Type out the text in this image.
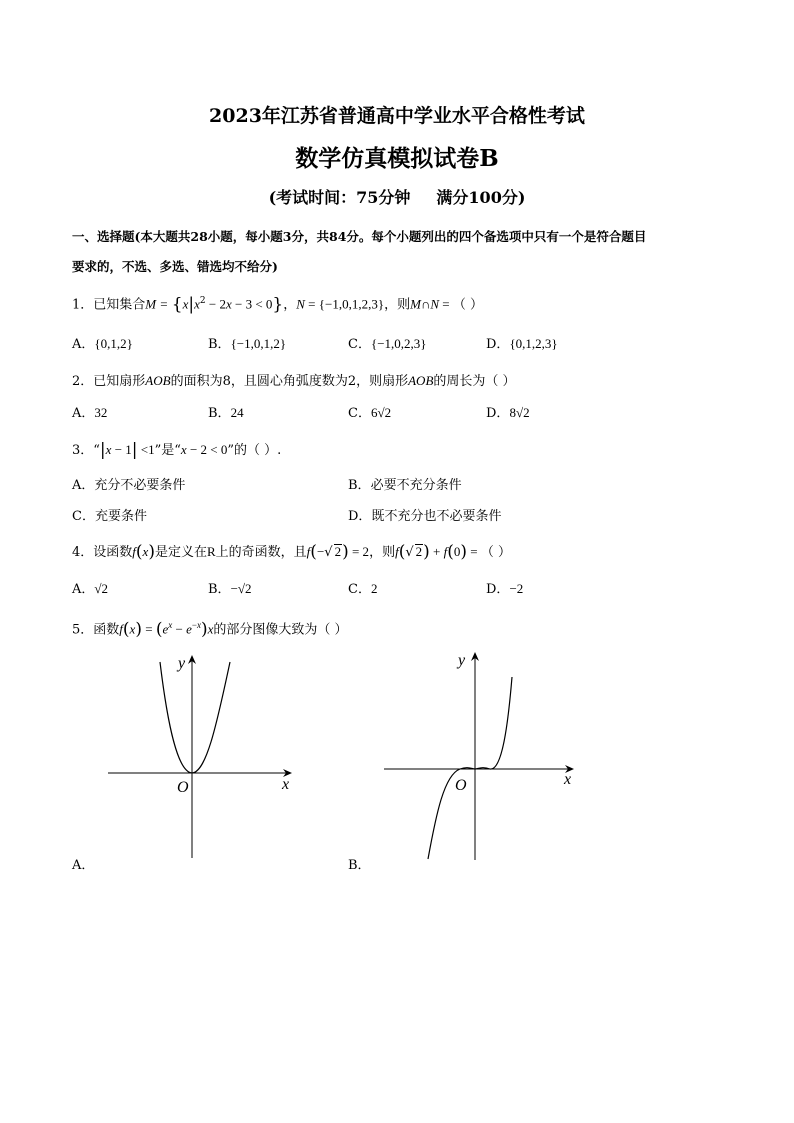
2023年江苏省普通高中学业水平合格性考试
数学仿真模拟试卷B
(考试时间：75分钟 满分100分)
一、选择题(本大题共28小题，每小题3分，共84分。每个小题列出的四个备选项中只有一个是符合题目
要求的，不选、多选、错选均不给分)
1．已知集合$M = \{x|x^2 - 2x - 3 < 0\}$，N = {−1,0,1,2,3}，则M∩N = （ ）
A．{0,1,2}	B．{−1,0,1,2}	C．{−1,0,2,3}	D．{0,1,2,3}
2．已知扇形AOB的面积为8，且圆心角弧度数为2，则扇形AOB的周长为（ ）
A．32	B．24	C．6√2	D．8√2
3．“|x − 1| <1”是“x − 2 < 0”的（ ）.
A．充分不必要条件	B．必要不充分条件
C．充要条件	D．既不充分也不必要条件
4．设函数f(x)是定义在R上的奇函数，且f(−√ 2) = 2，则f(√ 2) + f(0) = （ ）
A．√2	B．−√2	C．2	D．−2
5．函数$f(x) = (e^x - e^{-x})x$的部分图像大致为（ ）
x
y
O
A．
x
y
O
B．
